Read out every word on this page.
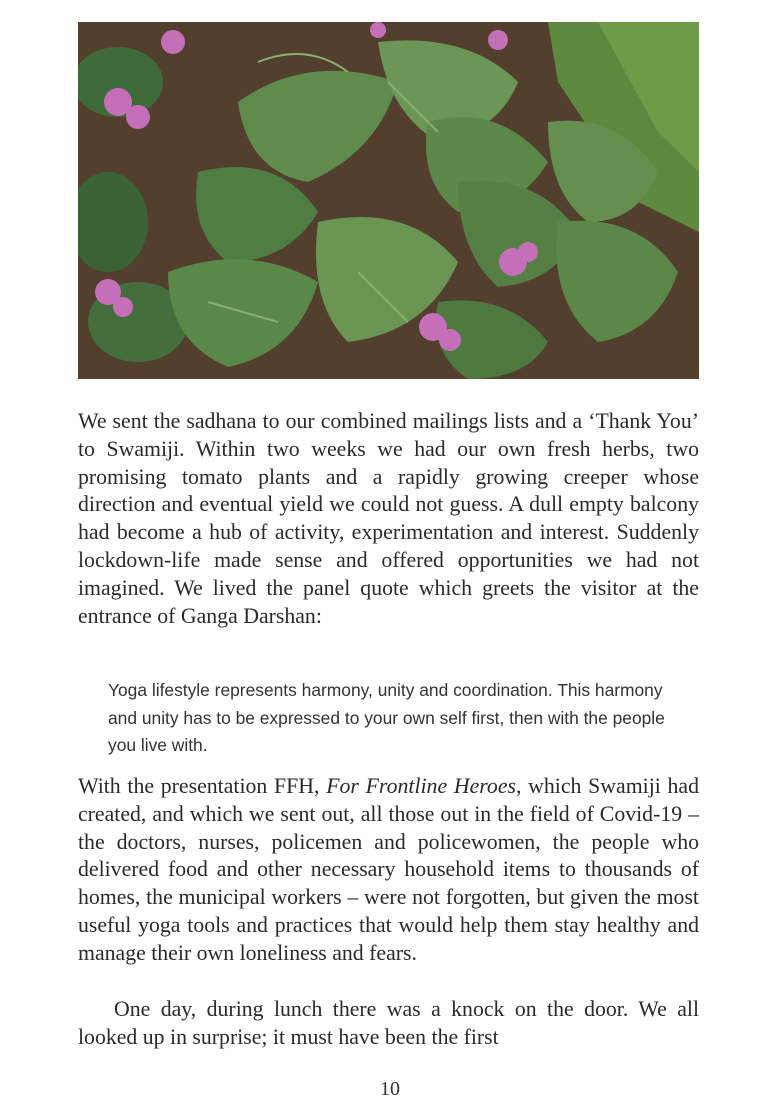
We sent the sadhana to our combined mailings lists and a ‘Thank You’ to Swamiji. Within two weeks we had our own fresh herbs, two promising tomato plants and a rapidly growing creeper whose direction and eventual yield we could not guess. A dull empty balcony had become a hub of activity, experimentation and interest. Suddenly lockdown-life made sense and offered opportunities we had not imagined. We lived the panel quote which greets the visitor at the entrance of Ganga Darshan:

Yoga lifestyle represents harmony, unity and coordination. This harmony and unity has to be expressed to your own self first, then with the people you live with.

With the presentation FFH, For Frontline Heroes, which Swamiji had created, and which we sent out, all those out in the field of Covid-19 – the doctors, nurses, policemen and policewomen, the people who delivered food and other necessary household items to thousands of homes, the municipal workers – were not forgotten, but given the most useful yoga tools and practices that would help them stay healthy and manage their own loneliness and fears.

One day, during lunch there was a knock on the door. We all looked up in surprise; it must have been the first

10
